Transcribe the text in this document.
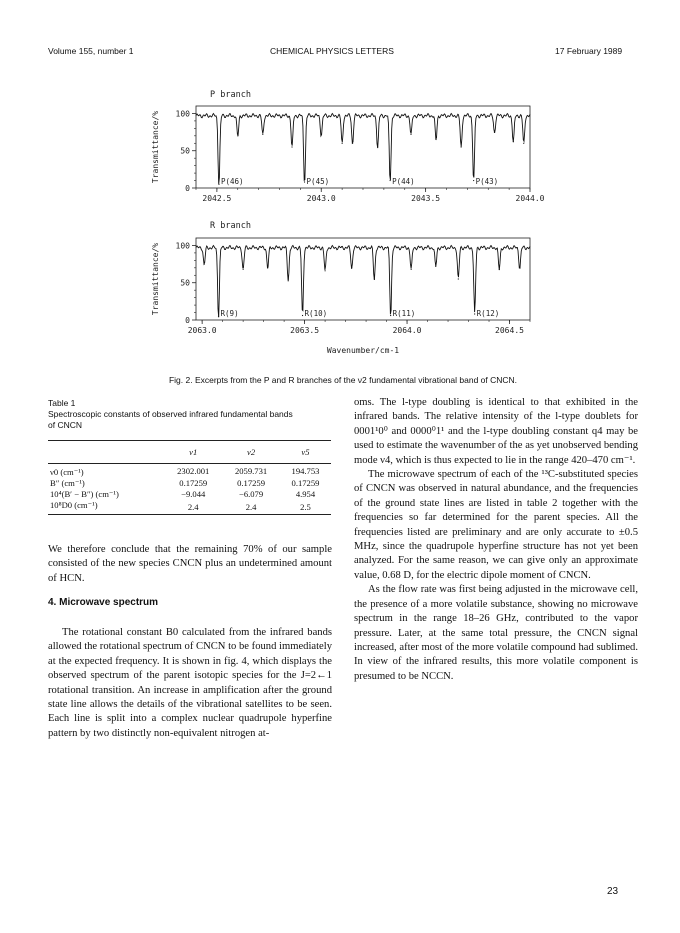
Volume 155, number 1	CHEMICAL PHYSICS LETTERS	17 February 1989
P branch
100
50
0
Transmittance/%
2042.5	2043.0	2043.5	2044.0
P(46)	P(45)	P(44)	P(43)
R branch
100
50
0
Transmittance/%
2063.0	2063.5	2064.0	2064.5
Wavenumber/cm-1
R(9)	R(10)	R(11)	R(12)
Fig. 2. Excerpts from the P and R branches of the ν2 fundamental vibrational band of CNCN.
Table 1
Spectroscopic constants of observed infrared fundamental bands
of CNCN
	ν1	ν2	ν5
ν0 (cm⁻¹)	2302.001	2059.731	194.753
B″ (cm⁻¹)	0.17259	0.17259	0.17259
10⁴(B′ − B″) (cm⁻¹)	−9.044	−6.079	4.954
10⁸D0 (cm⁻¹)	2.4	2.4	2.5

We therefore conclude that the remaining 70% of our sample consisted of the new species CNCN plus an undetermined amount of HCN.

4. Microwave spectrum

The rotational constant B0 calculated from the infrared bands allowed the rotational spectrum of CNCN to be found immediately at the expected frequency. It is shown in fig. 4, which displays the observed spectrum of the parent isotopic species for the J=2←1 rotational transition. An increase in amplification after the ground state line allows the details of the vibrational satellites to be seen. Each line is split into a complex nuclear quadrupole hyperfine pattern by two distinctly non-equivalent nitrogen at-

oms. The l-type doubling is identical to that exhibited in the infrared bands. The relative intensity of the l-type doublets for 0001¹0⁰ and 0000⁰1¹ and the l-type doubling constant q4 may be used to estimate the wavenumber of the as yet unobserved bending mode ν4, which is thus expected to lie in the range 420–470 cm⁻¹.

The microwave spectrum of each of the ¹³C-substituted species of CNCN was observed in natural abundance, and the frequencies of the ground state lines are listed in table 2 together with the frequencies so far determined for the parent species. All the frequencies listed are preliminary and are only accurate to ±0.5 MHz, since the quadrupole hyperfine structure has not yet been analyzed. For the same reason, we can give only an approximate value, 0.68 D, for the electric dipole moment of CNCN.

As the flow rate was first being adjusted in the microwave cell, the presence of a more volatile substance, showing no microwave spectrum in the range 18–26 GHz, contributed to the vapor pressure. Later, at the same total pressure, the CNCN signal increased, after most of the more volatile compound had sublimed. In view of the infrared results, this more volatile component is presumed to be NCCN.

23
